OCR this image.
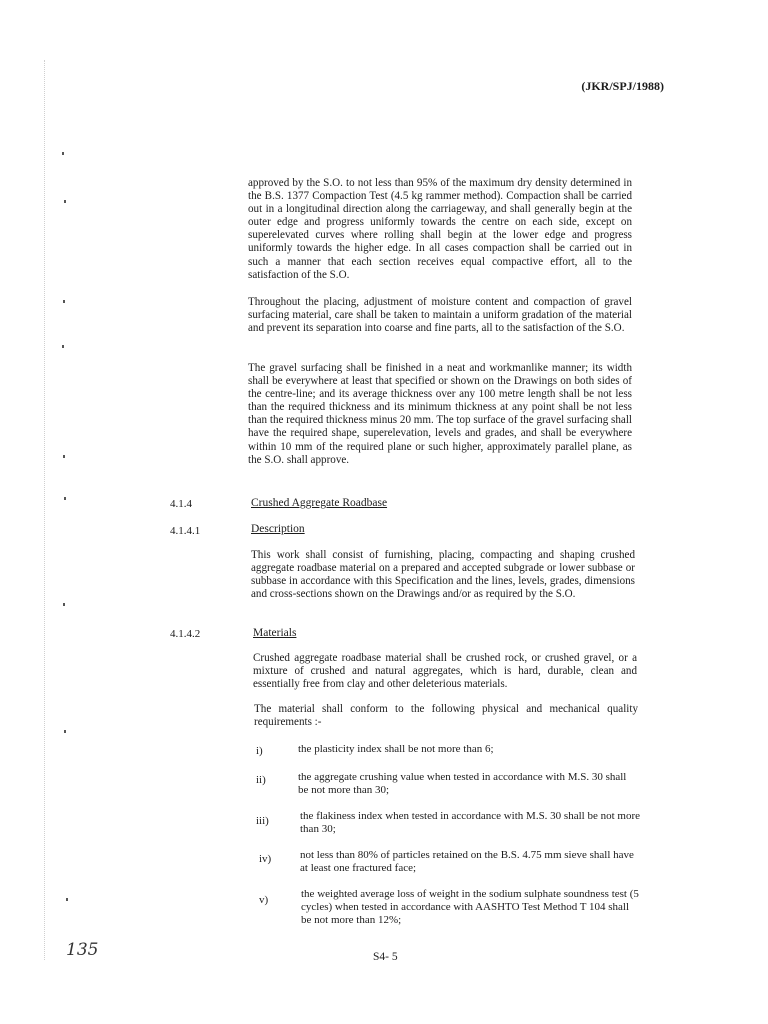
(JKR/SPJ/1988)

approved by the S.O. to not less than 95% of the maximum dry density determined in the B.S. 1377 Compaction Test (4.5 kg rammer method). Compaction shall be carried out in a longitudinal direction along the carriageway, and shall generally begin at the outer edge and progress uniformly towards the centre on each side, except on superelevated curves where rolling shall begin at the lower edge and progress uniformly towards the higher edge. In all cases compaction shall be carried out in such a manner that each section receives equal compactive effort, all to the satisfaction of the S.O.

Throughout the placing, adjustment of moisture content and compaction of gravel surfacing material, care shall be taken to maintain a uniform gradation of the material and prevent its separation into coarse and fine parts, all to the satisfaction of the S.O.

The gravel surfacing shall be finished in a neat and workmanlike manner; its width shall be everywhere at least that specified or shown on the Drawings on both sides of the centre-line; and its average thickness over any 100 metre length shall be not less than the required thickness and its minimum thickness at any point shall be not less than the required thickness minus 20 mm. The top surface of the gravel surfacing shall have the required shape, superelevation, levels and grades, and shall be everywhere within 10 mm of the required plane or such higher, approximately parallel plane, as the S.O. shall approve.

4.1.4	Crushed Aggregate Roadbase
4.1.4.1	Description

This work shall consist of furnishing, placing, compacting and shaping crushed aggregate roadbase material on a prepared and accepted subgrade or lower subbase or subbase in accordance with this Specification and the lines, levels, grades, dimensions and cross-sections shown on the Drawings and/or as required by the S.O.

4.1.4.2	Materials

Crushed aggregate roadbase material shall be crushed rock, or crushed gravel, or a mixture of crushed and natural aggregates, which is hard, durable, clean and essentially free from clay and other deleterious materials.

The material shall conform to the following physical and mechanical quality requirements :-

i)	the plasticity index shall be not more than 6;

ii)	the aggregate crushing value when tested in accordance with M.S. 30 shall be not more than 30;

iii)	the flakiness index when tested in accordance with M.S. 30 shall be not more than 30;

iv)	not less than 80% of particles retained on the B.S. 4.75 mm sieve shall have at least one fractured face;

v)	the weighted average loss of weight in the sodium sulphate soundness test (5 cycles) when tested in accordance with AASHTO Test Method T 104 shall be not more than 12%;

135	S4- 5
